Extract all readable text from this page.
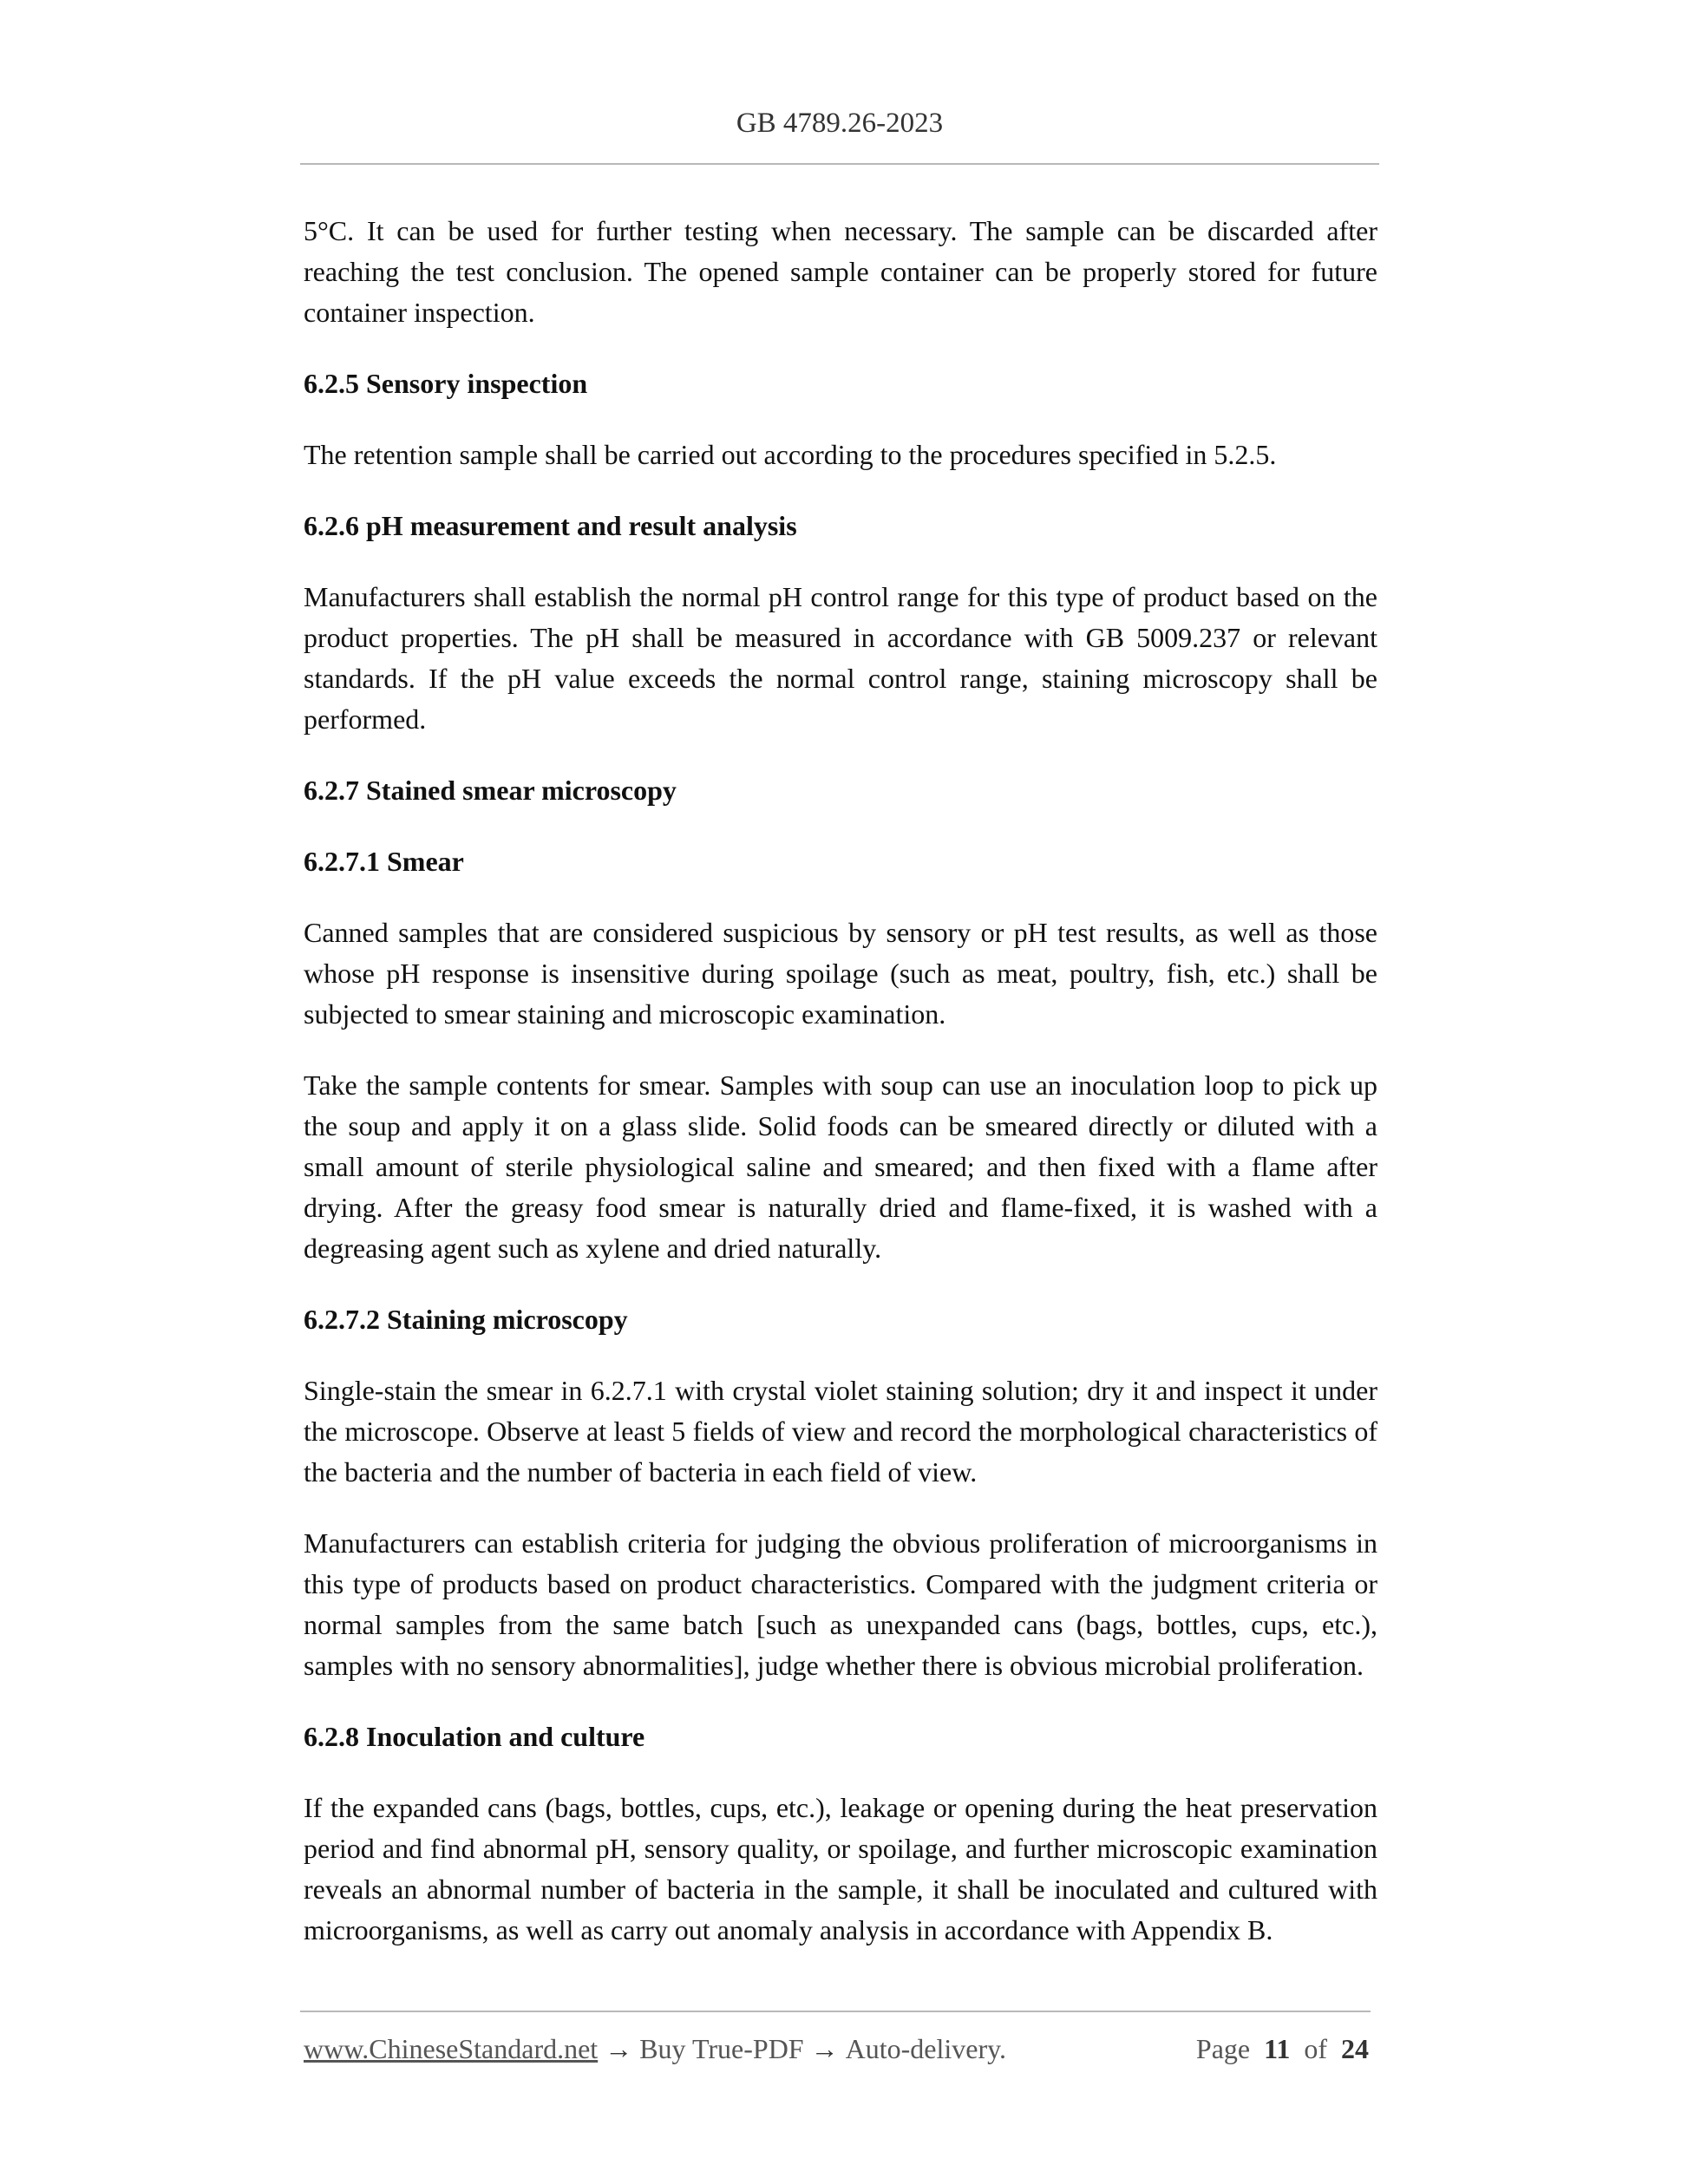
GB 4789.26-2023

5°C. It can be used for further testing when necessary. The sample can be discarded after reaching the test conclusion. The opened sample container can be properly stored for future container inspection.

6.2.5 Sensory inspection

The retention sample shall be carried out according to the procedures specified in 5.2.5.

6.2.6 pH measurement and result analysis

Manufacturers shall establish the normal pH control range for this type of product based on the product properties. The pH shall be measured in accordance with GB 5009.237 or relevant standards. If the pH value exceeds the normal control range, staining microscopy shall be performed.

6.2.7 Stained smear microscopy
6.2.7.1 Smear

Canned samples that are considered suspicious by sensory or pH test results, as well as those whose pH response is insensitive during spoilage (such as meat, poultry, fish, etc.) shall be subjected to smear staining and microscopic examination.

Take the sample contents for smear. Samples with soup can use an inoculation loop to pick up the soup and apply it on a glass slide. Solid foods can be smeared directly or diluted with a small amount of sterile physiological saline and smeared; and then fixed with a flame after drying. After the greasy food smear is naturally dried and flame-fixed, it is washed with a degreasing agent such as xylene and dried naturally.

6.2.7.2 Staining microscopy

Single-stain the smear in 6.2.7.1 with crystal violet staining solution; dry it and inspect it under the microscope. Observe at least 5 fields of view and record the morphological characteristics of the bacteria and the number of bacteria in each field of view.

Manufacturers can establish criteria for judging the obvious proliferation of microorganisms in this type of products based on product characteristics. Compared with the judgment criteria or normal samples from the same batch [such as unexpanded cans (bags, bottles, cups, etc.), samples with no sensory abnormalities], judge whether there is obvious microbial proliferation.

6.2.8 Inoculation and culture

If the expanded cans (bags, bottles, cups, etc.), leakage or opening during the heat preservation period and find abnormal pH, sensory quality, or spoilage, and further microscopic examination reveals an abnormal number of bacteria in the sample, it shall be inoculated and cultured with microorganisms, as well as carry out anomaly analysis in accordance with Appendix B.

www.ChineseStandard.net → Buy True-PDF → Auto-delivery.	Page 11 of 24
